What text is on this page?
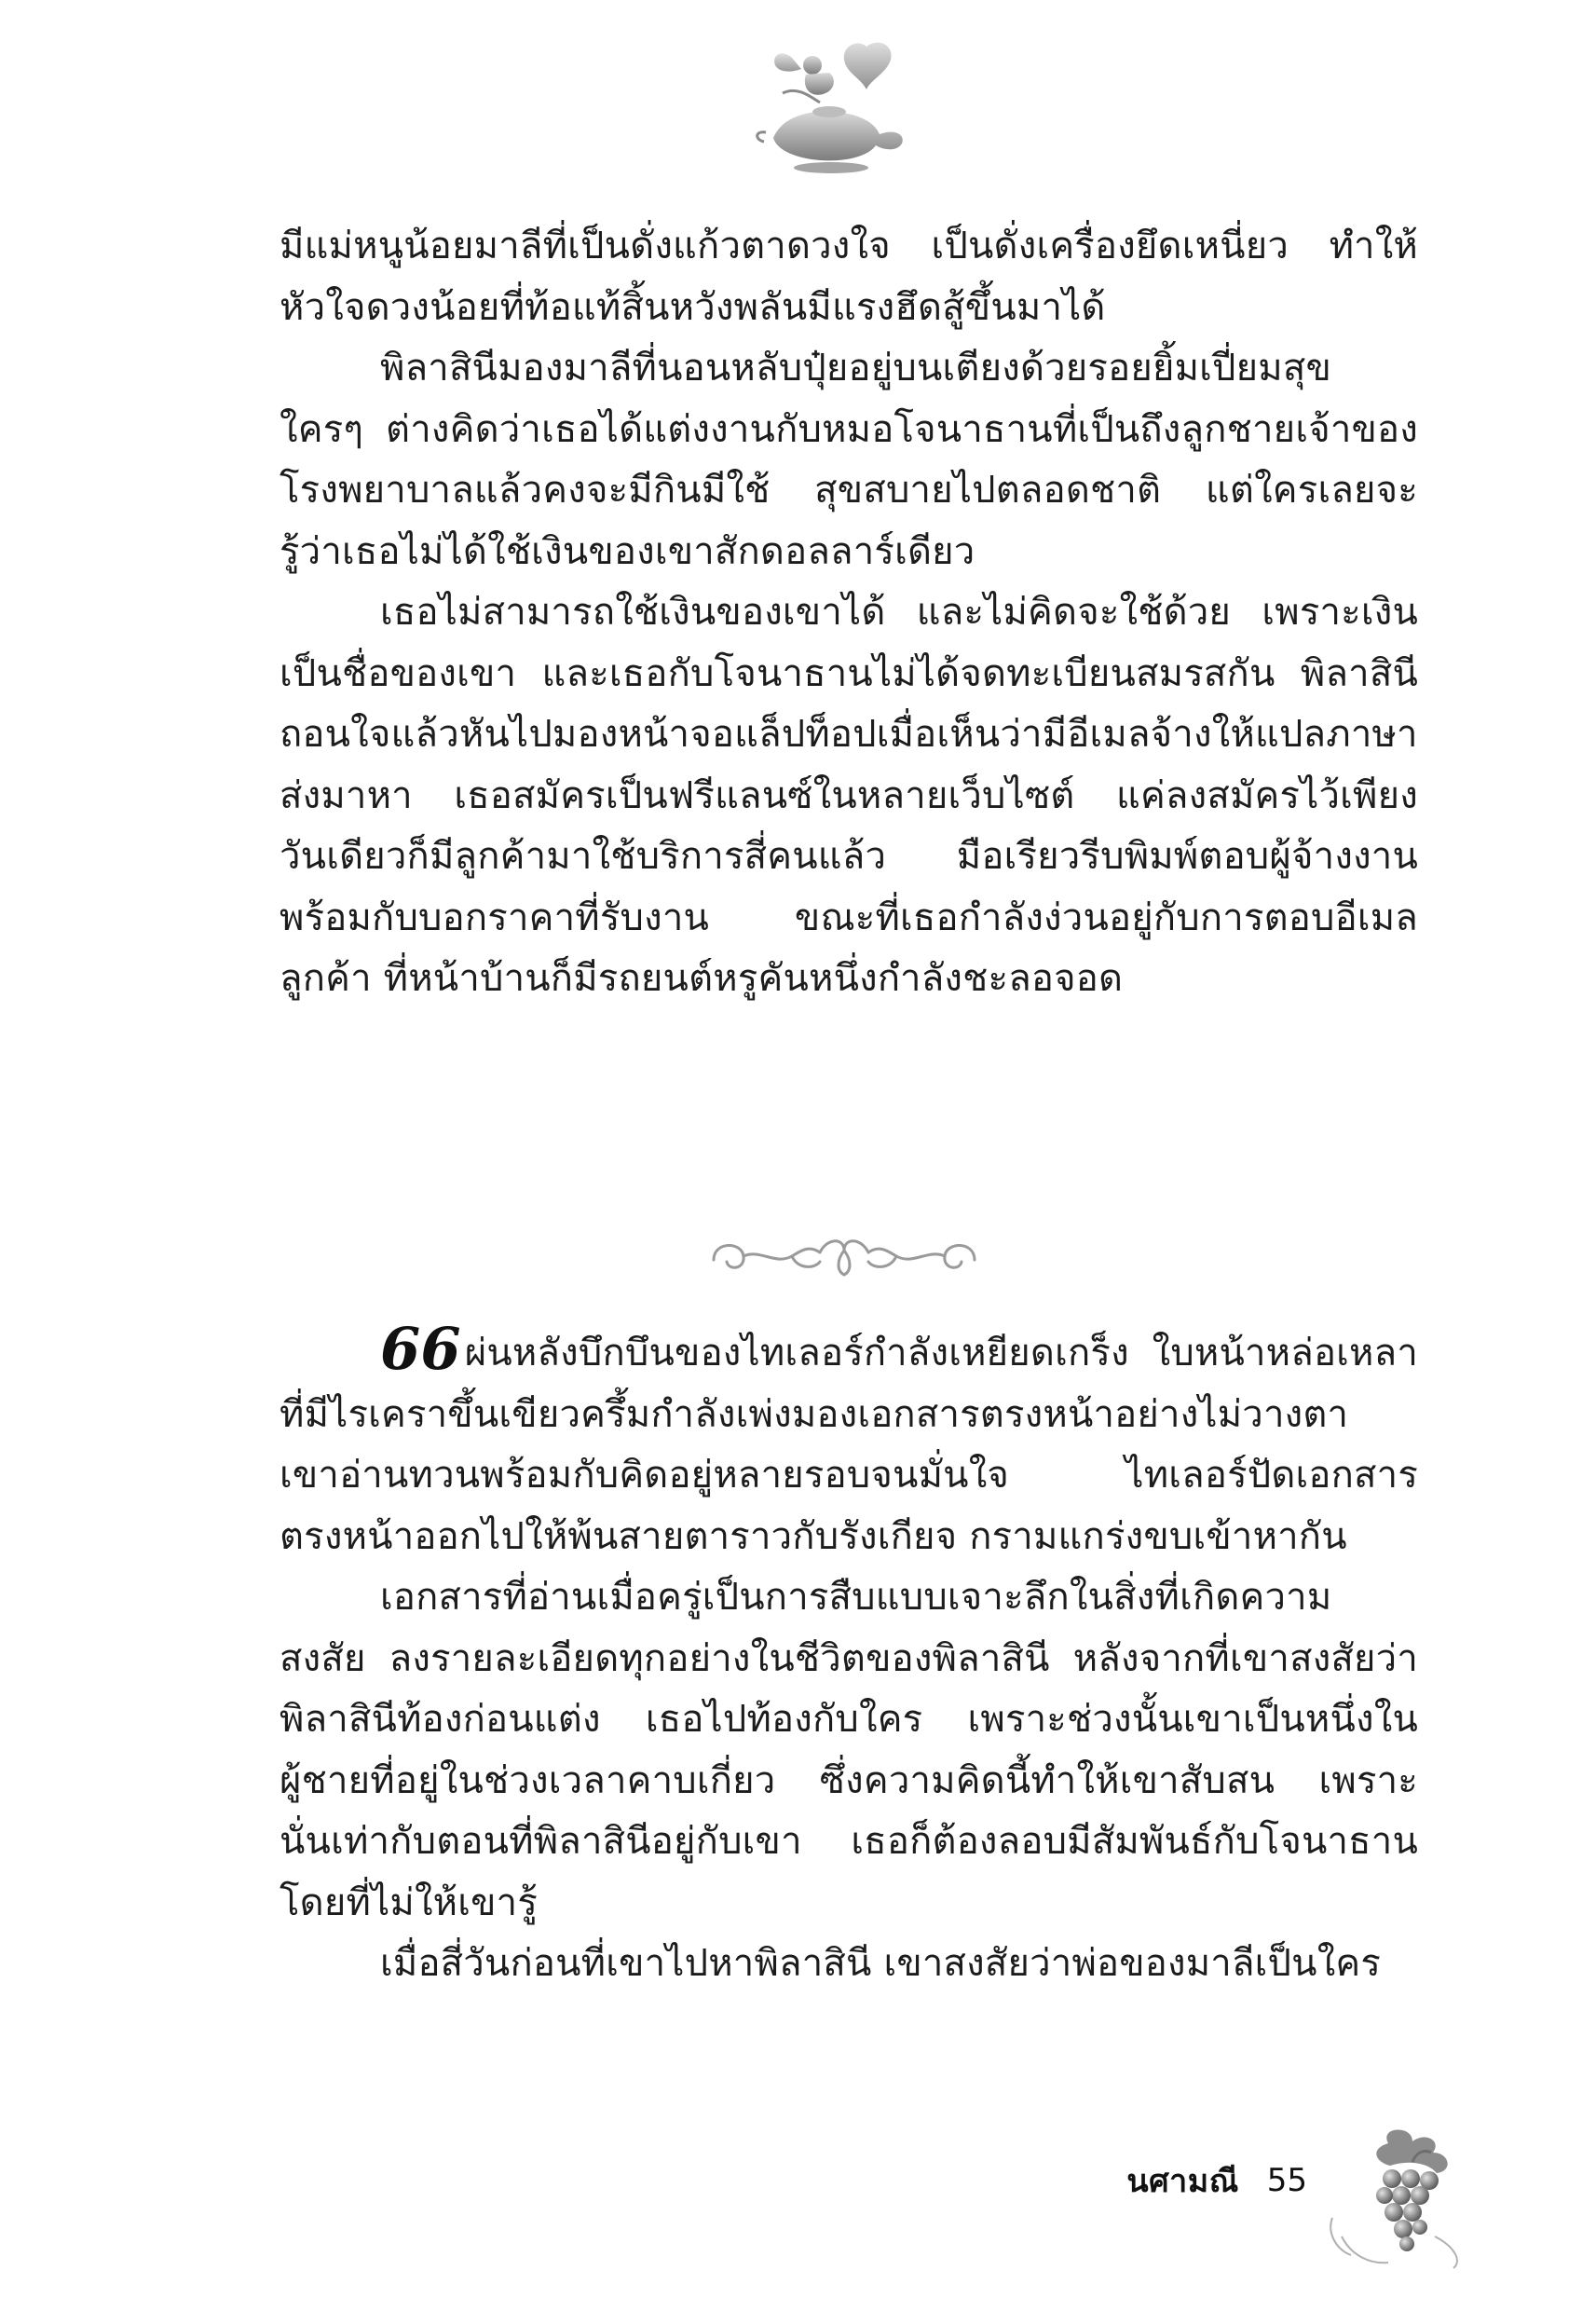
มีแม่หนูน้อยมาลีที่เป็นดั่งแก้วตาดวงใจ เป็นดั่งเครื่องยึดเหนี่ยว ทำให้
หัวใจดวงน้อยที่ท้อแท้สิ้นหวังพลันมีแรงฮึดสู้ขึ้นมาได้
พิลาสินีมองมาลีที่นอนหลับปุ๋ยอยู่บนเตียงด้วยรอยยิ้มเปี่ยมสุข
ใครๆ ต่างคิดว่าเธอได้แต่งงานกับหมอโจนาธานที่เป็นถึงลูกชายเจ้าของ
โรงพยาบาลแล้วคงจะมีกินมีใช้ สุขสบายไปตลอดชาติ แต่ใครเลยจะ
รู้ว่าเธอไม่ได้ใช้เงินของเขาสักดอลลาร์เดียว
เธอไม่สามารถใช้เงินของเขาได้ และไม่คิดจะใช้ด้วย เพราะเงิน
เป็นชื่อของเขา และเธอกับโจนาธานไม่ได้จดทะเบียนสมรสกัน พิลาสินี
ถอนใจแล้วหันไปมองหน้าจอแล็ปท็อปเมื่อเห็นว่ามีอีเมลจ้างให้แปลภาษา
ส่งมาหา เธอสมัครเป็นฟรีแลนซ์ในหลายเว็บไซต์ แค่ลงสมัครไว้เพียง
วันเดียวก็มีลูกค้ามาใช้บริการสี่คนแล้ว มือเรียวรีบพิมพ์ตอบผู้จ้างงาน
พร้อมกับบอกราคาที่รับงาน ขณะที่เธอกำลังง่วนอยู่กับการตอบอีเมล
ลูกค้า ที่หน้าบ้านก็มีรถยนต์หรูคันหนึ่งกำลังชะลอจอด
66 ผ่นหลังบึกบึนของไทเลอร์กำลังเหยียดเกร็ง ใบหน้าหล่อเหลา
ที่มีไรเคราขึ้นเขียวครึ้มกำลังเพ่งมองเอกสารตรงหน้าอย่างไม่วางตา
เขาอ่านทวนพร้อมกับคิดอยู่หลายรอบจนมั่นใจ ไทเลอร์ปัดเอกสาร
ตรงหน้าออกไปให้พ้นสายตาราวกับรังเกียจ กรามแกร่งขบเข้าหากัน
เอกสารที่อ่านเมื่อครู่เป็นการสืบแบบเจาะลึกในสิ่งที่เกิดความ
สงสัย ลงรายละเอียดทุกอย่างในชีวิตของพิลาสินี หลังจากที่เขาสงสัยว่า
พิลาสินีท้องก่อนแต่ง เธอไปท้องกับใคร เพราะช่วงนั้นเขาเป็นหนึ่งใน
ผู้ชายที่อยู่ในช่วงเวลาคาบเกี่ยว ซึ่งความคิดนี้ทำให้เขาสับสน เพราะ
นั่นเท่ากับตอนที่พิลาสินีอยู่กับเขา เธอก็ต้องลอบมีสัมพันธ์กับโจนาธาน
โดยที่ไม่ให้เขารู้
เมื่อสี่วันก่อนที่เขาไปหาพิลาสินี เขาสงสัยว่าพ่อของมาลีเป็นใคร
นศามณี 55
